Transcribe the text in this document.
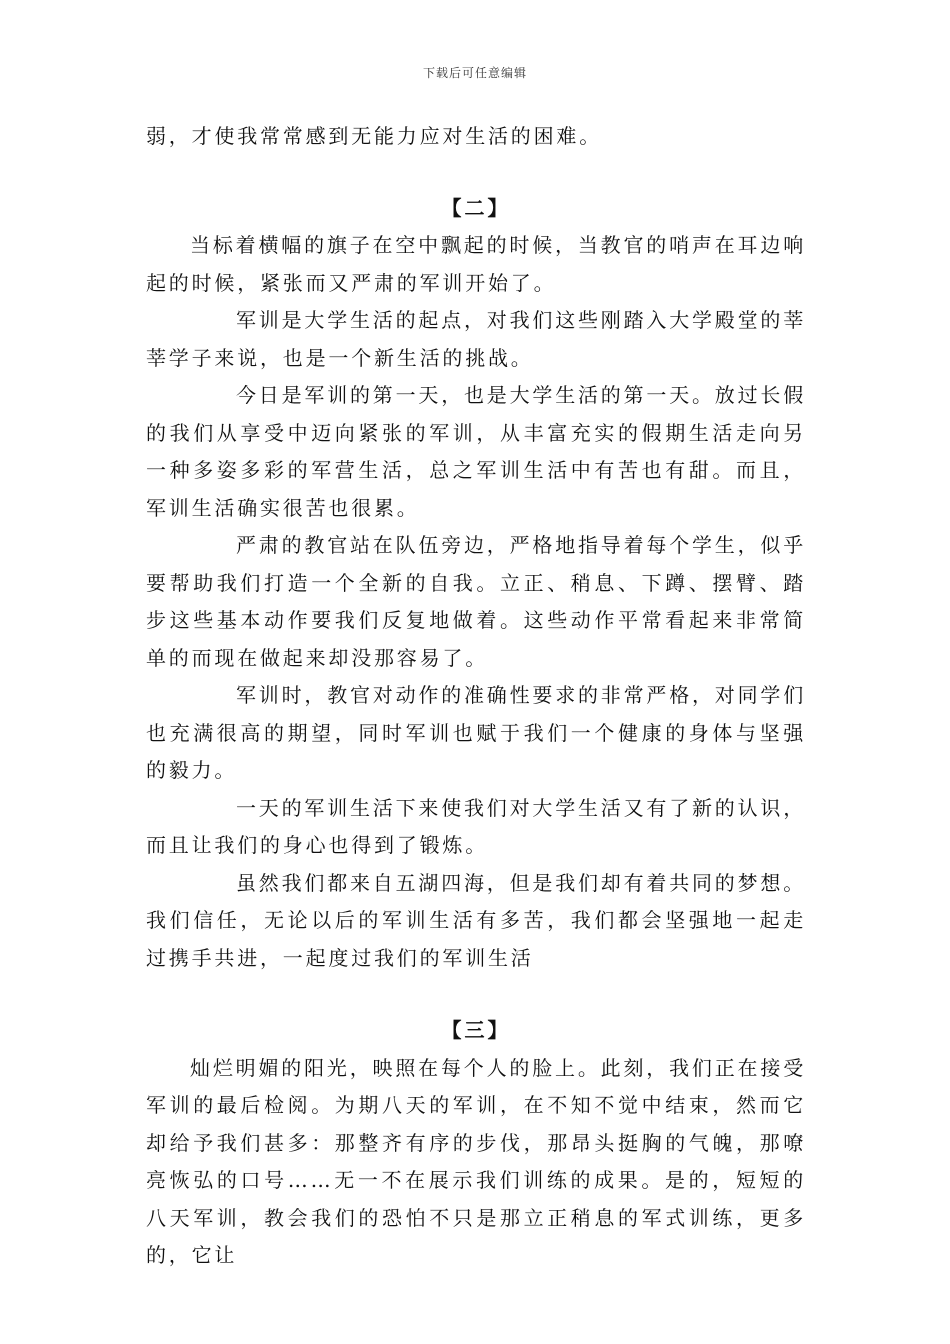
下载后可任意编辑

弱，才使我常常感到无能力应对生活的困难。

【二】

当标着横幅的旗子在空中飘起的时候，当教官的哨声在耳边响起的时候，紧张而又严肃的军训开始了。

军训是大学生活的起点，对我们这些刚踏入大学殿堂的莘莘学子来说，也是一个新生活的挑战。

今日是军训的第一天，也是大学生活的第一天。放过长假的我们从享受中迈向紧张的军训，从丰富充实的假期生活走向另一种多姿多彩的军营生活，总之军训生活中有苦也有甜。而且，军训生活确实很苦也很累。

严肃的教官站在队伍旁边，严格地指导着每个学生，似乎要帮助我们打造一个全新的自我。立正、稍息、下蹲、摆臂、踏步这些基本动作要我们反复地做着。这些动作平常看起来非常简单的而现在做起来却没那容易了。

军训时，教官对动作的准确性要求的非常严格，对同学们也充满很高的期望，同时军训也赋于我们一个健康的身体与坚强的毅力。

一天的军训生活下来使我们对大学生活又有了新的认识，而且让我们的身心也得到了锻炼。

虽然我们都来自五湖四海，但是我们却有着共同的梦想。我们信任，无论以后的军训生活有多苦，我们都会坚强地一起走过携手共进，一起度过我们的军训生活

【三】

灿烂明媚的阳光，映照在每个人的脸上。此刻，我们正在接受军训的最后检阅。为期八天的军训，在不知不觉中结束，然而它却给予我们甚多：那整齐有序的步伐，那昂头挺胸的气魄，那嘹亮恢弘的口号……无一不在展示我们训练的成果。是的，短短的八天军训，教会我们的恐怕不只是那立正稍息的军式训练，更多的，它让
